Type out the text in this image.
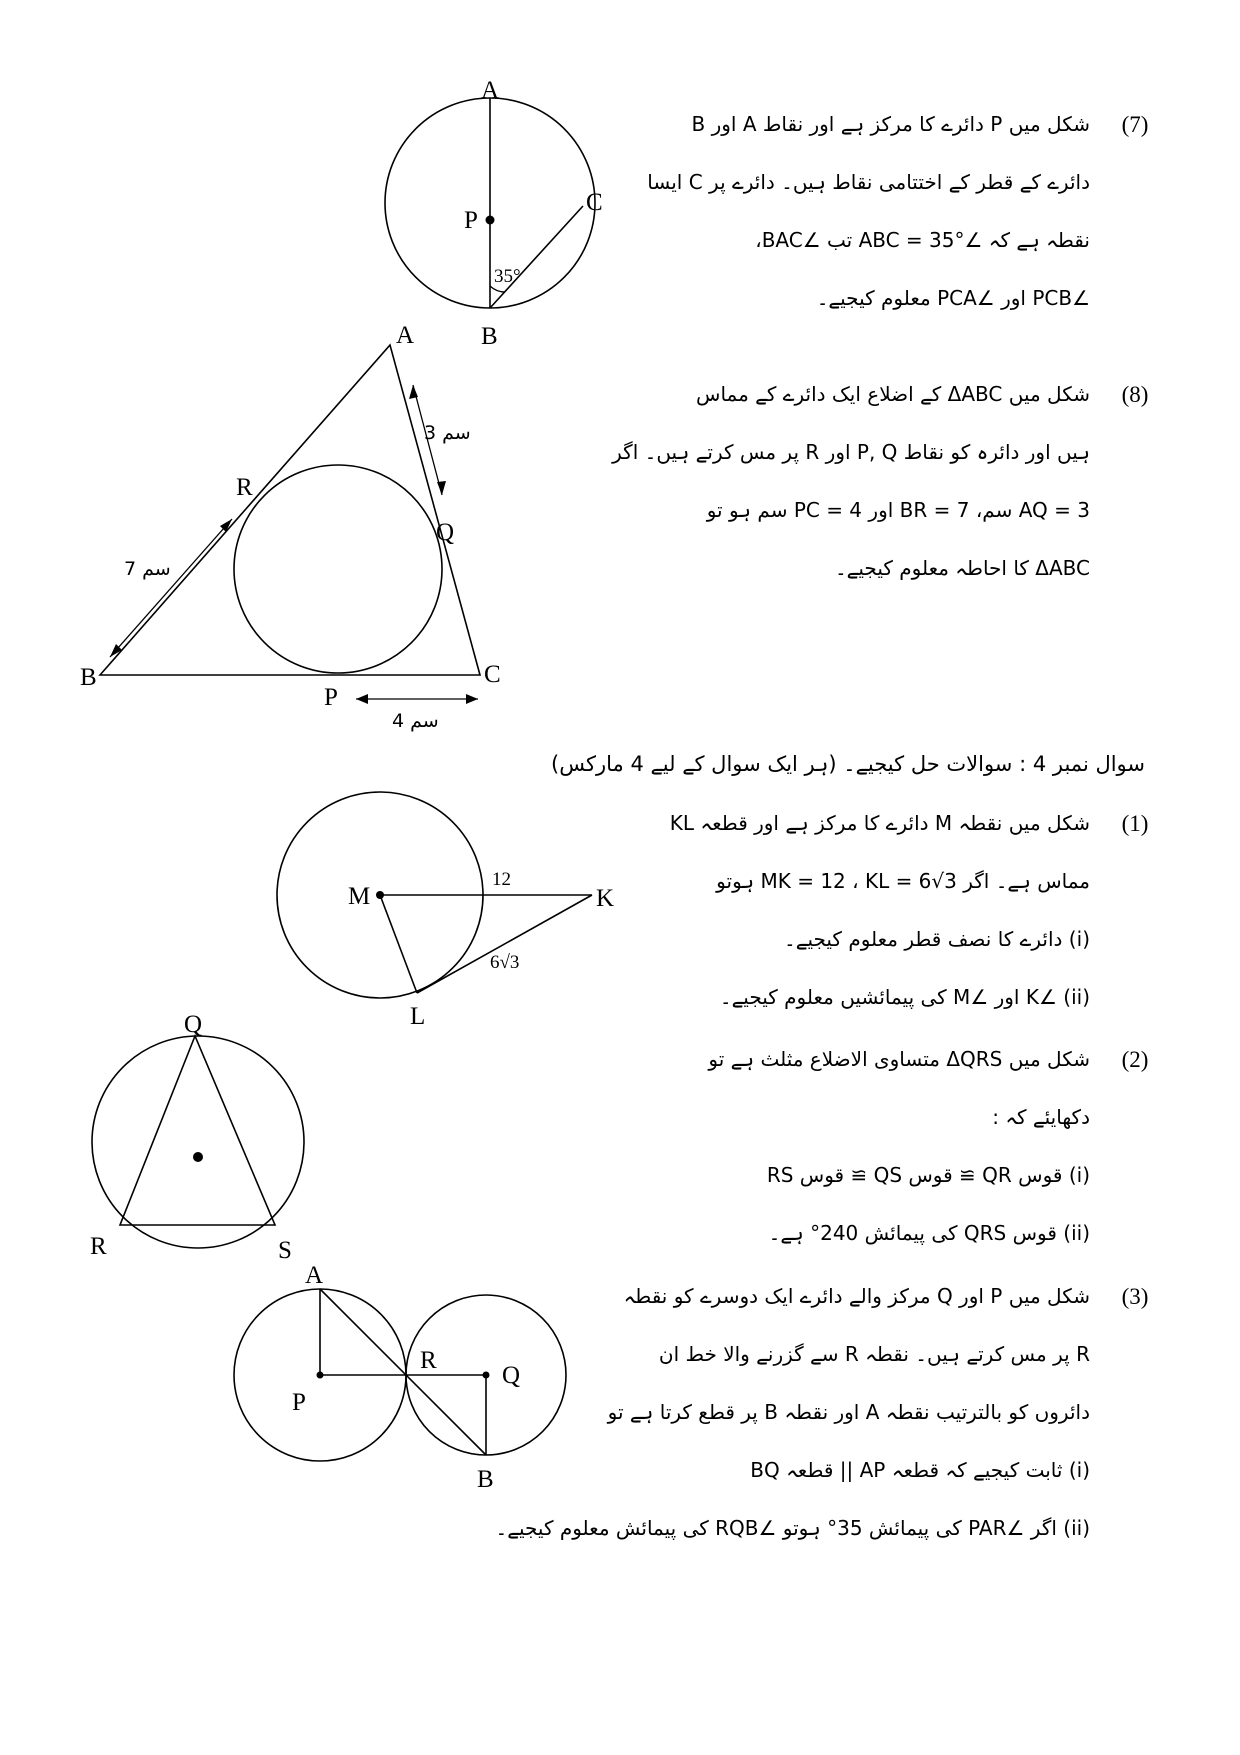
A
B
C
P
35°
A
B	C
P
Q
R
3 سم
7 سم
4 سم
M	K
L
12
6√3
Q
R	S
A
B
P
Q
R
(7)
شکل میں P دائرے کا مرکز ہے اور نقاط A اور B
دائرے کے قطر کے اختتامی نقاط ہیں۔ دائرے پر C ایسا
نقطہ ہے کہ ∠ABC = 35° تب ∠BAC،
∠PCB اور ∠PCA معلوم کیجیے۔
(8)
شکل میں ΔABC کے اضلاع ایک دائرے کے مماس
ہیں اور دائرہ کو نقاط P, Q اور R پر مس کرتے ہیں۔ اگر
AQ = 3 سم، BR = 7 اور PC = 4 سم ہو تو
ΔABC کا احاطہ معلوم کیجیے۔
سوال نمبر 4 : سوالات حل کیجیے۔ (ہر ایک سوال کے لیے 4 مارکس)
(1)
شکل میں نقطہ M دائرے کا مرکز ہے اور قطعہ KL
مماس ہے۔ اگر MK = 12 ، KL = 6√3 ہوتو
(i) دائرے کا نصف قطر معلوم کیجیے۔
(ii) ∠K اور ∠M کی پیمائشیں معلوم کیجیے۔
(2)
شکل میں ΔQRS متساوی الاضلاع مثلث ہے تو
دکھایئے کہ :
(i) قوس QR ≅ قوس QS ≅ قوس RS
(ii) قوس QRS کی پیمائش 240° ہے۔
(3)
شکل میں P اور Q مرکز والے دائرے ایک دوسرے کو نقطہ
R پر مس کرتے ہیں۔ نقطہ R سے گزرنے والا خط ان
دائروں کو بالترتیب نقطہ A اور نقطہ B پر قطع کرتا ہے تو
(i) ثابت کیجیے کہ قطعہ AP || قطعہ BQ
(ii) اگر ∠PAR کی پیمائش 35° ہوتو ∠RQB کی پیمائش معلوم کیجیے۔
